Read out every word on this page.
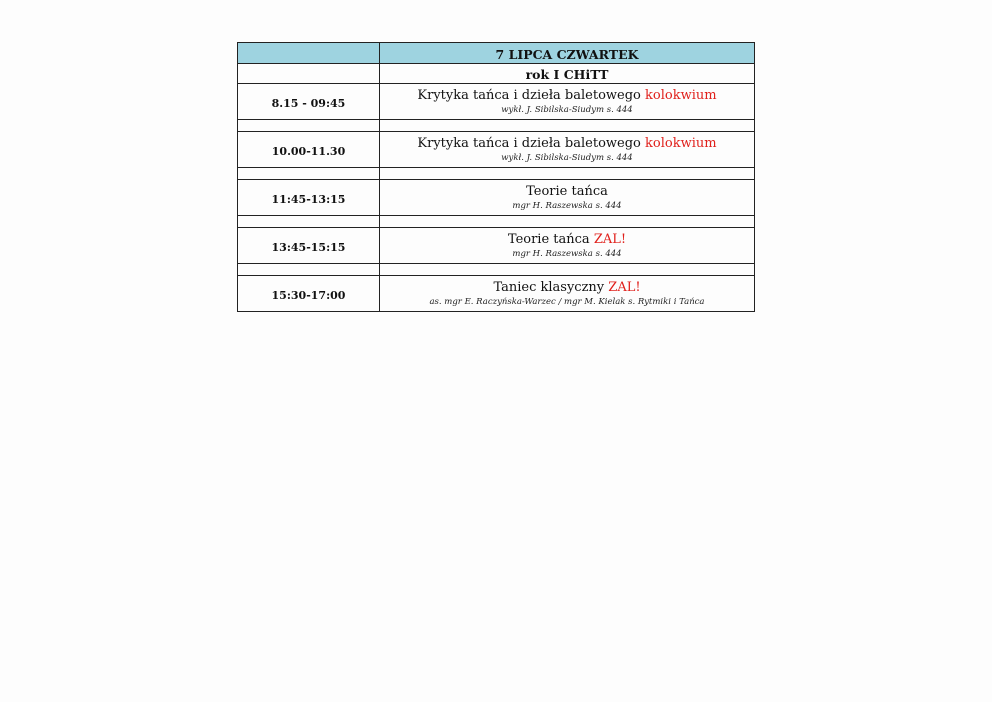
	7 LIPCA CZWARTEK
	rok I CHiTT
8.15 - 09:45	Krytyka tańca i dzieła baletowego kolokwium
wykł. J. Sibilska-Siudym s. 444

10.00-11.30	Krytyka tańca i dzieła baletowego kolokwium
wykł. J. Sibilska-Siudym s. 444

11:45-13:15	Teorie tańca
mgr H. Raszewska s. 444

13:45-15:15	Teorie tańca ZAL!
mgr H. Raszewska s. 444

15:30-17:00	Taniec klasyczny ZAL!
as. mgr E. Raczyńska-Warzec / mgr M. Kielak s. Rytmiki i Tańca
